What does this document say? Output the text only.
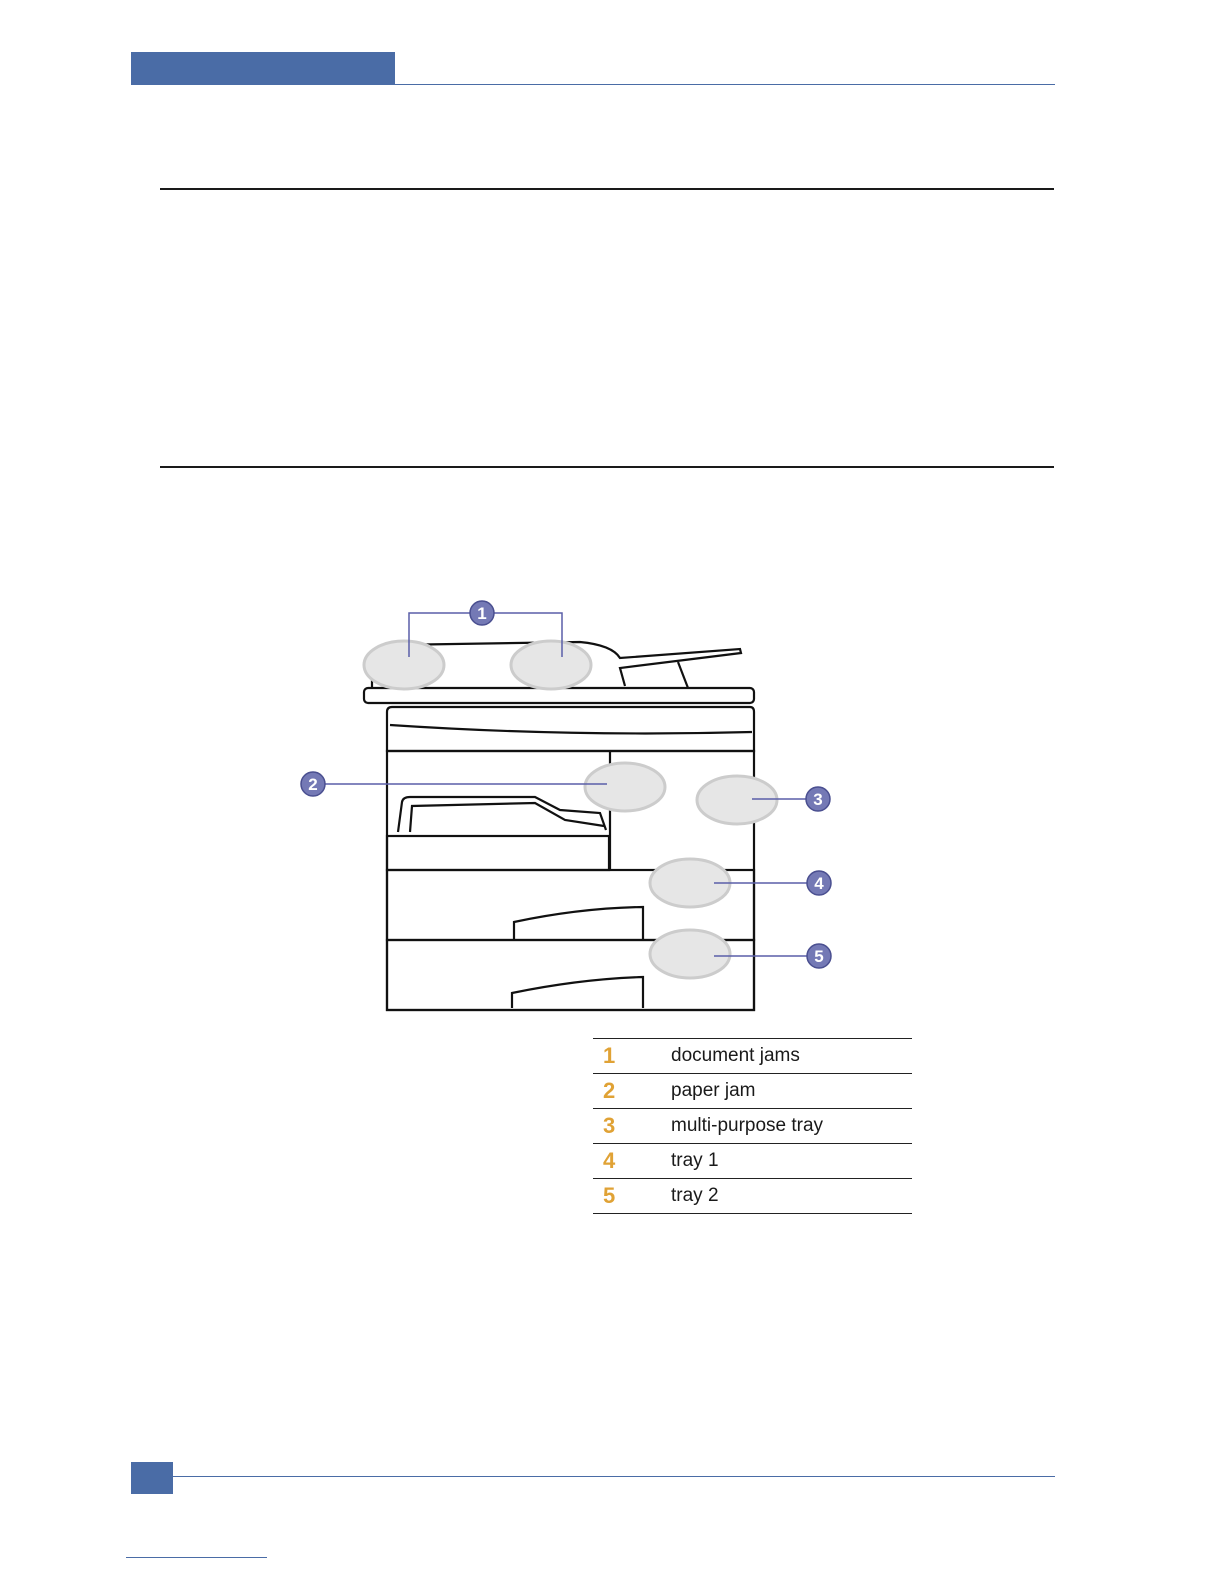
1
2
3
4
5
1	document jams
2	paper jam
3	multi-purpose tray
4	tray 1
5	tray 2
